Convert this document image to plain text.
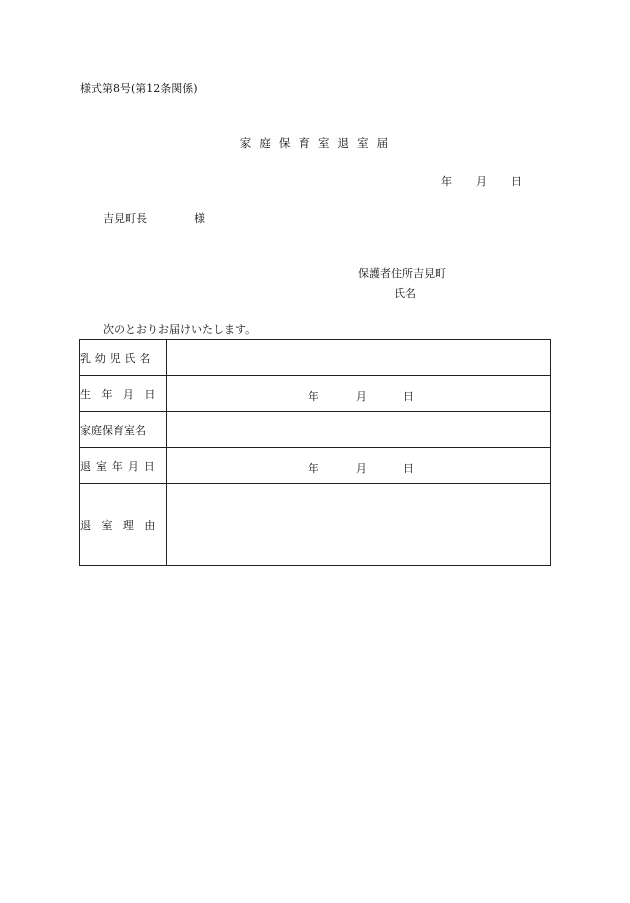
様式第8号(第12条関係)
家庭保育室退室届
年 月 日
吉見町長	様
保護者住所吉見町
氏名
次のとおりお届けいたします。
乳幼児氏名	
生年月日	年 月 日

家庭保育室名	
退室年月日	年 月 日

退室理由	
